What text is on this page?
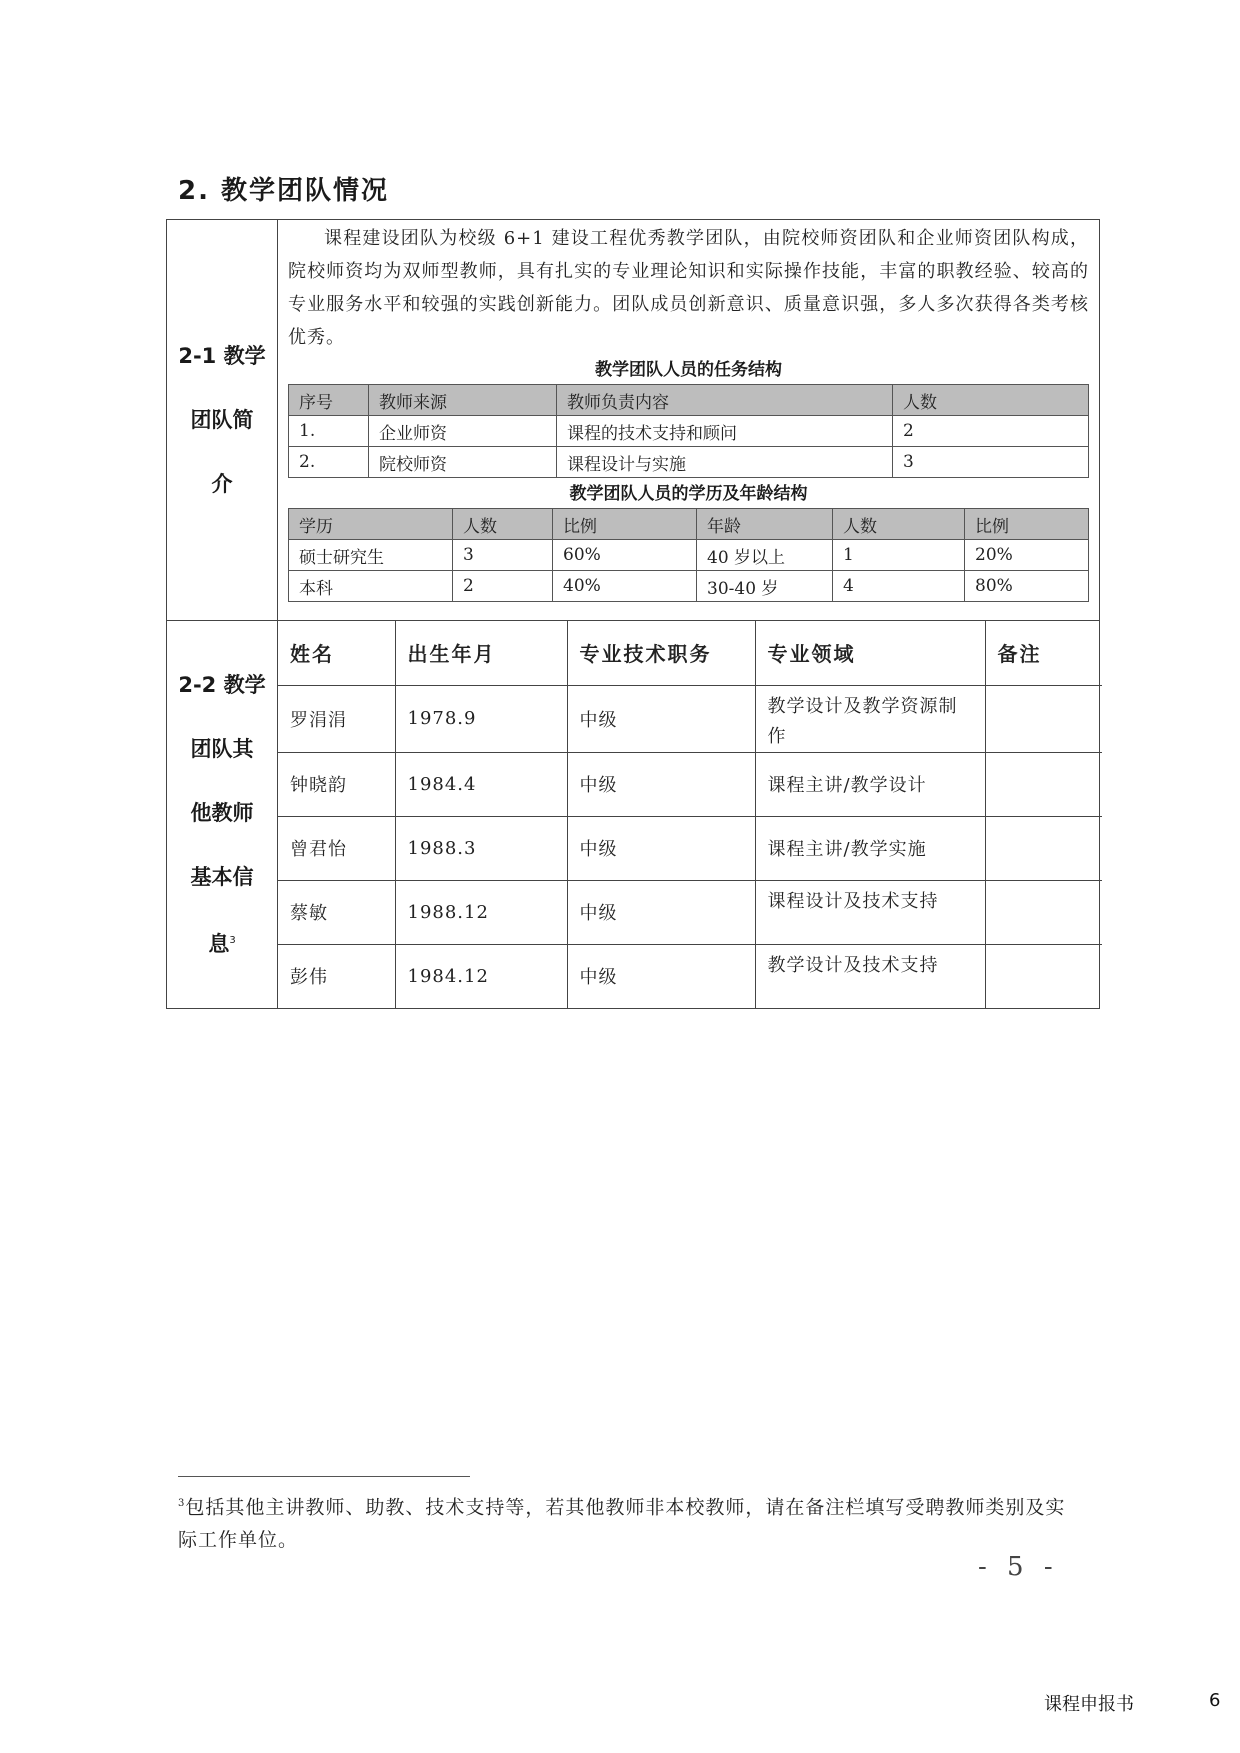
2. 教学团队情况
2-1 教学
团队简
介

课程建设团队为校级 6+1 建设工程优秀教学团队，由院校师资团队和企业师资团队构成，院校师资均为双师型教师，具有扎实的专业理论知识和实际操作技能，丰富的职教经验、较高的专业服务水平和较强的实践创新能力。团队成员创新意识、质量意识强，多人多次获得各类考核优秀。

教学团队人员的任务结构
序号	教师来源	教师负责内容	人数
1.	企业师资	课程的技术支持和顾问	2
2.	院校师资	课程设计与实施	3
教学团队人员的学历及年龄结构
学历	人数	比例	年龄	人数	比例
硕士研究生	3	60%	40 岁以上	1	20%
本科	2	40%	30-40 岁	4	80%

2-2 教学
团队其
他教师
基本信
息$^3$

姓名	出生年月	专业技术职务	专业领域	备注
罗涓涓	1978.9	中级	教学设计及教学资源制作	
钟晓韵	1984.4	中级	课程主讲/教学设计	
曾君怡	1988.3	中级	课程主讲/教学实施	
蔡敏	1988.12	中级	课程设计及技术支持	
彭伟	1984.12	中级	教学设计及技术支持	
$^3$包括其他主讲教师、助教、技术支持等，若其他教师非本校教师，请在备注栏填写受聘教师类别及实际工作单位。
- 5 -
课程申报书	6
